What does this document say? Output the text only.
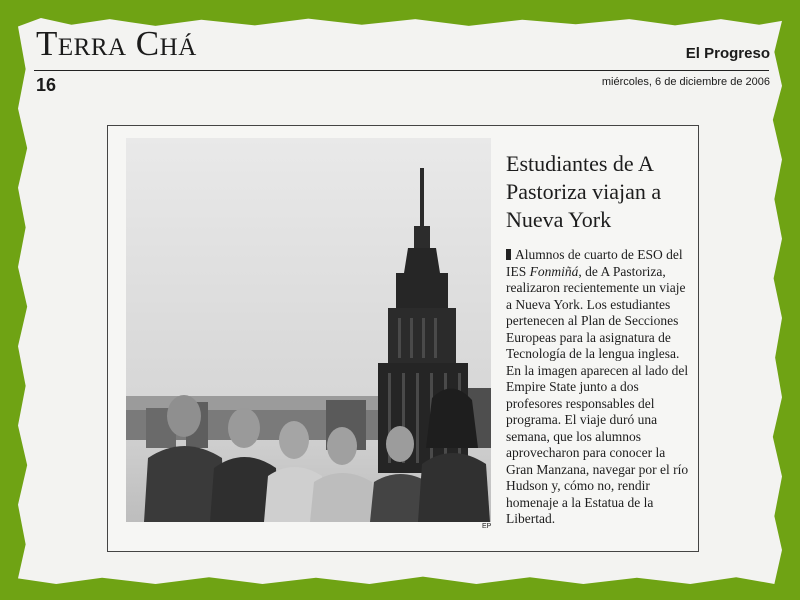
Terra Chá	El Progreso
16	miércoles, 6 de diciembre de 2006
EP
Estudiantes de A Pastoriza viajan a Nueva York
Alumnos de cuarto de ESO del IES Fonmiñá, de A Pastoriza, realizaron recientemente un viaje a Nueva York. Los estudiantes pertenecen al Plan de Secciones Europeas para la asignatura de Tecnología de la lengua inglesa. En la imagen aparecen al lado del Empire State junto a dos profesores responsables del programa. El viaje duró una semana, que los alumnos aprovecharon para conocer la Gran Manzana, navegar por el río Hudson y, cómo no, rendir homenaje a la Estatua de la Libertad.
